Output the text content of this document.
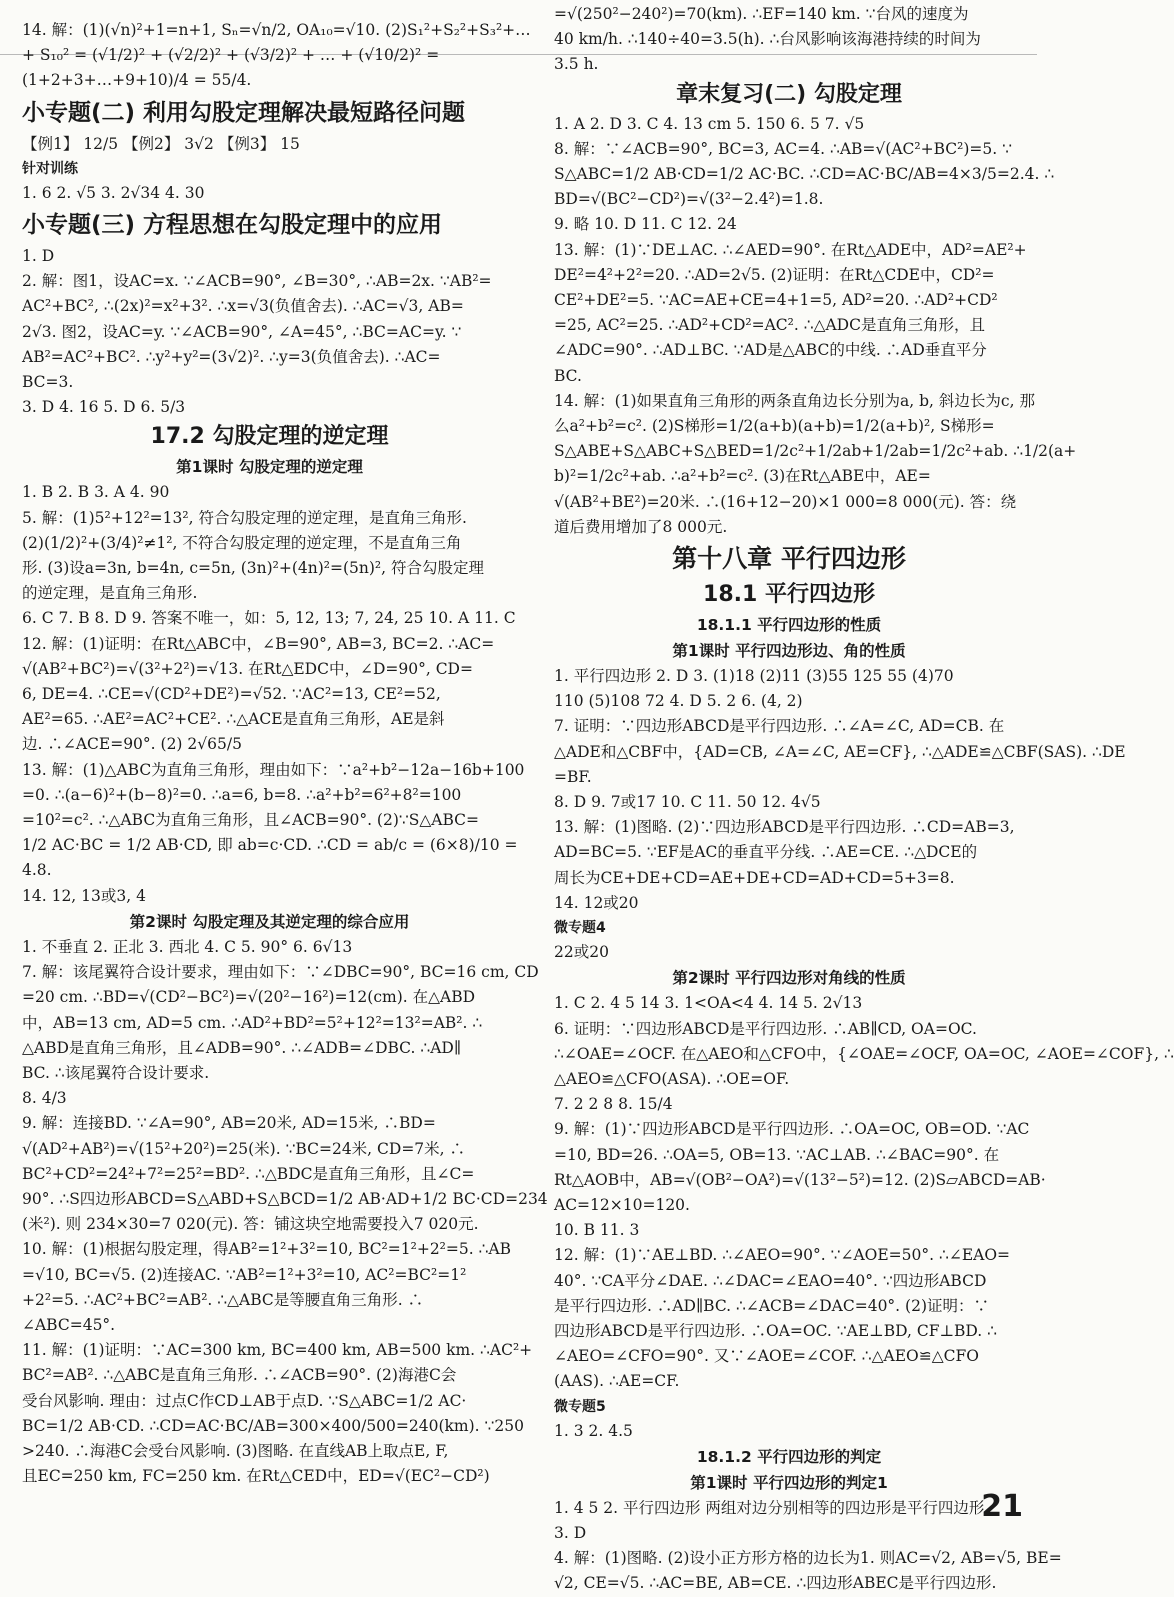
14. 解：(1)(√n)²+1=n+1, Sₙ=√n/2, OA₁₀=√10. (2)S₁²+S₂²+S₃²+…
+ S₁₀² = (√1/2)² + (√2/2)² + (√3/2)² + … + (√10/2)² =
(1+2+3+…+9+10)/4 = 55/4.
小专题(二) 利用勾股定理解决最短路径问题
【例1】 12/5 【例2】 3√2 【例3】 15
针对训练
1. 6 2. √5 3. 2√34 4. 30
小专题(三) 方程思想在勾股定理中的应用
1. D
2. 解：图1，设AC=x. ∵∠ACB=90°, ∠B=30°, ∴AB=2x. ∵AB²=
AC²+BC², ∴(2x)²=x²+3². ∴x=√3(负值舍去). ∴AC=√3, AB=
2√3. 图2，设AC=y. ∵∠ACB=90°, ∠A=45°, ∴BC=AC=y. ∵
AB²=AC²+BC². ∴y²+y²=(3√2)². ∴y=3(负值舍去). ∴AC=
BC=3.
3. D 4. 16 5. D 6. 5/3
17.2 勾股定理的逆定理
第1课时 勾股定理的逆定理
1. B 2. B 3. A 4. 90
5. 解：(1)5²+12²=13², 符合勾股定理的逆定理，是直角三角形.
(2)(1/2)²+(3/4)²≠1², 不符合勾股定理的逆定理，不是直角三角
形. (3)设a=3n, b=4n, c=5n, (3n)²+(4n)²=(5n)², 符合勾股定理
的逆定理，是直角三角形.
6. C 7. B 8. D 9. 答案不唯一，如：5, 12, 13; 7, 24, 25 10. A 11. C
12. 解：(1)证明：在Rt△ABC中，∠B=90°, AB=3, BC=2. ∴AC=
√(AB²+BC²)=√(3²+2²)=√13. 在Rt△EDC中，∠D=90°, CD=
6, DE=4. ∴CE=√(CD²+DE²)=√52. ∵AC²=13, CE²=52,
AE²=65. ∴AE²=AC²+CE². ∴△ACE是直角三角形，AE是斜
边. ∴∠ACE=90°. (2) 2√65/5
13. 解：(1)△ABC为直角三角形，理由如下：∵a²+b²−12a−16b+100
=0. ∴(a−6)²+(b−8)²=0. ∴a=6, b=8. ∴a²+b²=6²+8²=100
=10²=c². ∴△ABC为直角三角形，且∠ACB=90°. (2)∵S△ABC=
1/2 AC·BC = 1/2 AB·CD, 即 ab=c·CD. ∴CD = ab/c = (6×8)/10 =
4.8.
14. 12, 13或3, 4
第2课时 勾股定理及其逆定理的综合应用
1. 不垂直 2. 正北 3. 西北 4. C 5. 90° 6. 6√13
7. 解：该尾翼符合设计要求，理由如下：∵∠DBC=90°, BC=16 cm, CD
=20 cm. ∴BD=√(CD²−BC²)=√(20²−16²)=12(cm). 在△ABD
中，AB=13 cm, AD=5 cm. ∴AD²+BD²=5²+12²=13²=AB². ∴
△ABD是直角三角形，且∠ADB=90°. ∴∠ADB=∠DBC. ∴AD∥
BC. ∴该尾翼符合设计要求.
8. 4/3
9. 解：连接BD. ∵∠A=90°, AB=20米, AD=15米, ∴BD=
√(AD²+AB²)=√(15²+20²)=25(米). ∵BC=24米, CD=7米, ∴
BC²+CD²=24²+7²=25²=BD². ∴△BDC是直角三角形，且∠C=
90°. ∴S四边形ABCD=S△ABD+S△BCD=1/2 AB·AD+1/2 BC·CD=234
(米²). 则 234×30=7 020(元). 答：铺这块空地需要投入7 020元.
10. 解：(1)根据勾股定理，得AB²=1²+3²=10, BC²=1²+2²=5. ∴AB
=√10, BC=√5. (2)连接AC. ∵AB²=1²+3²=10, AC²=BC²=1²
+2²=5. ∴AC²+BC²=AB². ∴△ABC是等腰直角三角形. ∴
∠ABC=45°.
11. 解：(1)证明：∵AC=300 km, BC=400 km, AB=500 km. ∴AC²+
BC²=AB². ∴△ABC是直角三角形. ∴∠ACB=90°. (2)海港C会
受台风影响. 理由：过点C作CD⊥AB于点D. ∵S△ABC=1/2 AC·
BC=1/2 AB·CD. ∴CD=AC·BC/AB=300×400/500=240(km). ∵250
>240. ∴海港C会受台风影响. (3)图略. 在直线AB上取点E, F,
且EC=250 km, FC=250 km. 在Rt△CED中，ED=√(EC²−CD²)
=√(250²−240²)=70(km). ∴EF=140 km. ∵台风的速度为
40 km/h. ∴140÷40=3.5(h). ∴台风影响该海港持续的时间为
3.5 h.
章末复习(二) 勾股定理
1. A 2. D 3. C 4. 13 cm 5. 150 6. 5 7. √5
8. 解：∵∠ACB=90°, BC=3, AC=4. ∴AB=√(AC²+BC²)=5. ∵
S△ABC=1/2 AB·CD=1/2 AC·BC. ∴CD=AC·BC/AB=4×3/5=2.4. ∴
BD=√(BC²−CD²)=√(3²−2.4²)=1.8.
9. 略 10. D 11. C 12. 24
13. 解：(1)∵DE⊥AC. ∴∠AED=90°. 在Rt△ADE中，AD²=AE²+
DE²=4²+2²=20. ∴AD=2√5. (2)证明：在Rt△CDE中，CD²=
CE²+DE²=5. ∵AC=AE+CE=4+1=5, AD²=20. ∴AD²+CD²
=25, AC²=25. ∴AD²+CD²=AC². ∴△ADC是直角三角形，且
∠ADC=90°. ∴AD⊥BC. ∵AD是△ABC的中线. ∴AD垂直平分
BC.
14. 解：(1)如果直角三角形的两条直角边长分别为a, b, 斜边长为c, 那
么a²+b²=c². (2)S梯形=1/2(a+b)(a+b)=1/2(a+b)², S梯形=
S△ABE+S△ABC+S△BED=1/2c²+1/2ab+1/2ab=1/2c²+ab. ∴1/2(a+
b)²=1/2c²+ab. ∴a²+b²=c². (3)在Rt△ABE中，AE=
√(AB²+BE²)=20米. ∴(16+12−20)×1 000=8 000(元). 答：绕
道后费用增加了8 000元.
第十八章 平行四边形
18.1 平行四边形
18.1.1 平行四边形的性质
第1课时 平行四边形边、角的性质
1. 平行四边形 2. D 3. (1)18 (2)11 (3)55 125 55 (4)70
110 (5)108 72 4. D 5. 2 6. (4, 2)
7. 证明：∵四边形ABCD是平行四边形. ∴∠A=∠C, AD=CB. 在
△ADE和△CBF中，{AD=CB, ∠A=∠C, AE=CF}, ∴△ADE≌△CBF(SAS). ∴DE
=BF.
8. D 9. 7或17 10. C 11. 50 12. 4√5
13. 解：(1)图略. (2)∵四边形ABCD是平行四边形. ∴CD=AB=3,
AD=BC=5. ∵EF是AC的垂直平分线. ∴AE=CE. ∴△DCE的
周长为CE+DE+CD=AE+DE+CD=AD+CD=5+3=8.
14. 12或20
微专题4
22或20
第2课时 平行四边形对角线的性质
1. C 2. 4 5 14 3. 1<OA<4 4. 14 5. 2√13
6. 证明：∵四边形ABCD是平行四边形. ∴AB∥CD, OA=OC.
∴∠OAE=∠OCF. 在△AEO和△CFO中，{∠OAE=∠OCF, OA=OC, ∠AOE=∠COF}, ∴
△AEO≌△CFO(ASA). ∴OE=OF.
7. 2 2 8 8. 15/4
9. 解：(1)∵四边形ABCD是平行四边形. ∴OA=OC, OB=OD. ∵AC
=10, BD=26. ∴OA=5, OB=13. ∵AC⊥AB. ∴∠BAC=90°. 在
Rt△AOB中，AB=√(OB²−OA²)=√(13²−5²)=12. (2)S▱ABCD=AB·
AC=12×10=120.
10. B 11. 3
12. 解：(1)∵AE⊥BD. ∴∠AEO=90°. ∵∠AOE=50°. ∴∠EAO=
40°. ∵CA平分∠DAE. ∴∠DAC=∠EAO=40°. ∵四边形ABCD
是平行四边形. ∴AD∥BC. ∴∠ACB=∠DAC=40°. (2)证明：∵
四边形ABCD是平行四边形. ∴OA=OC. ∵AE⊥BD, CF⊥BD. ∴
∠AEO=∠CFO=90°. 又∵∠AOE=∠COF. ∴△AEO≌△CFO
(AAS). ∴AE=CF.
微专题5
1. 3 2. 4.5
18.1.2 平行四边形的判定
第1课时 平行四边形的判定1
1. 4 5 2. 平行四边形 两组对边分别相等的四边形是平行四边形
3. D
4. 解：(1)图略. (2)设小正方形方格的边长为1. 则AC=√2, AB=√5, BE=
√2, CE=√5. ∴AC=BE, AB=CE. ∴四边形ABEC是平行四边形.
21
